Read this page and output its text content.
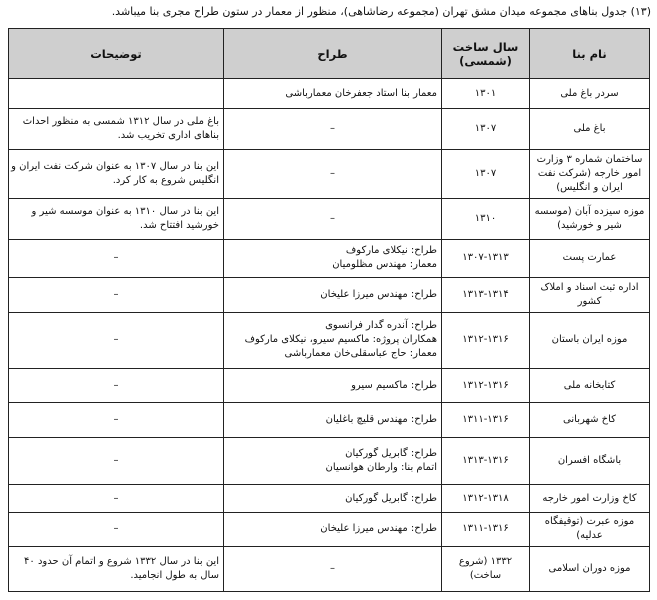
(۱۳) جدول بناهای مجموعه میدان مشق تهران (مجموعه رضاشاهی)، منظور از معمار در ستون طراح مجری بنا میباشد.
نام بنا	سال ساخت (شمسی)	طراح	توضیحات
سردر باغ ملی	۱۳۰۱	معمار بنا استاد جعفرخان معمارباشی	

باغ ملی	۱۳۰۷	–	باغ ملی در سال ۱۳۱۲ شمسی به منظور احداث
بناهای اداری تخریب شد.

ساختمان شماره ۳ وزارت امور خارجه (شرکت نفت ایران و انگلیس)	۱۳۰۷	–	این بنا در سال ۱۳۰۷ به عنوان شرکت نفت ایران و
انگلیس شروع به کار کرد.

موزه سیزده آبان (موسسه شیر و خورشید)	۱۳۱۰	–	این بنا در سال ۱۳۱۰ به عنوان موسسه شیر و
خورشید افتتاح شد.

عمارت پست	۱۳۰۷-۱۳۱۳	طراح: نیکلای مارکوف
معمار: مهندس مظلومیان	–

اداره ثبت اسناد و املاک کشور	۱۳۱۳-۱۳۱۴	طراح: مهندس میرزا علیخان	–

موزه ایران باستان	۱۳۱۲-۱۳۱۶	طراح: آندره گدار فرانسوی
همکاران پروژه: ماکسیم سیرو، نیکلای مارکوف
معمار: حاج عباسقلی‌خان معمارباشی	–

کتابخانه ملی	۱۳۱۲-۱۳۱۶	طراح: ماکسیم سیرو	–

کاخ شهربانی	۱۳۱۱-۱۳۱۶	طراح: مهندس قلیچ باغلیان	–

باشگاه افسران	۱۳۱۳-۱۳۱۶	طراح: گابریل گورکیان
اتمام بنا: وارطان هوانسیان	–

کاخ وزارت امور خارجه	۱۳۱۲-۱۳۱۸	طراح: گابریل گورکیان	–

موزه عبرت (توقیفگاه عدلیه)	۱۳۱۱-۱۳۱۶	طراح: مهندس میرزا علیخان	–

موزه دوران اسلامی	۱۳۳۲ (شروع ساخت)	–	این بنا در سال ۱۳۳۲ شروع و اتمام آن حدود ۴۰
سال به طول انجامید.
